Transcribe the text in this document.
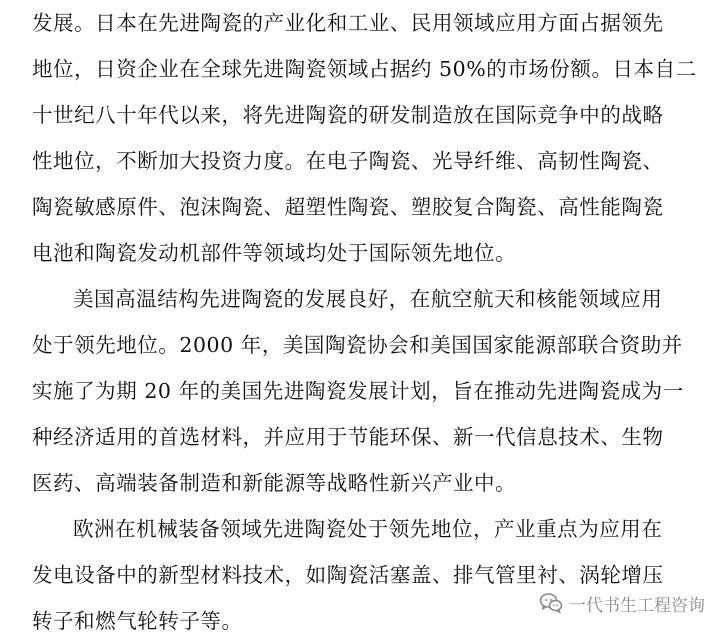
发展。日本在先进陶瓷的产业化和工业、民用领域应用方面占据领先
地位，日资企业在全球先进陶瓷领域占据约 50%的市场份额。日本自二
十世纪八十年代以来，将先进陶瓷的研发制造放在国际竞争中的战略
性地位，不断加大投资力度。在电子陶瓷、光导纤维、高韧性陶瓷、
陶瓷敏感原件、泡沫陶瓷、超塑性陶瓷、塑胶复合陶瓷、高性能陶瓷
电池和陶瓷发动机部件等领域均处于国际领先地位。
美国高温结构先进陶瓷的发展良好，在航空航天和核能领域应用
处于领先地位。2000 年，美国陶瓷协会和美国国家能源部联合资助并
实施了为期 20 年的美国先进陶瓷发展计划，旨在推动先进陶瓷成为一
种经济适用的首选材料，并应用于节能环保、新一代信息技术、生物
医药、高端装备制造和新能源等战略性新兴产业中。
欧洲在机械装备领域先进陶瓷处于领先地位，产业重点为应用在
发电设备中的新型材料技术，如陶瓷活塞盖、排气管里衬、涡轮增压
转子和燃气轮转子等。
一代书生工程咨询
